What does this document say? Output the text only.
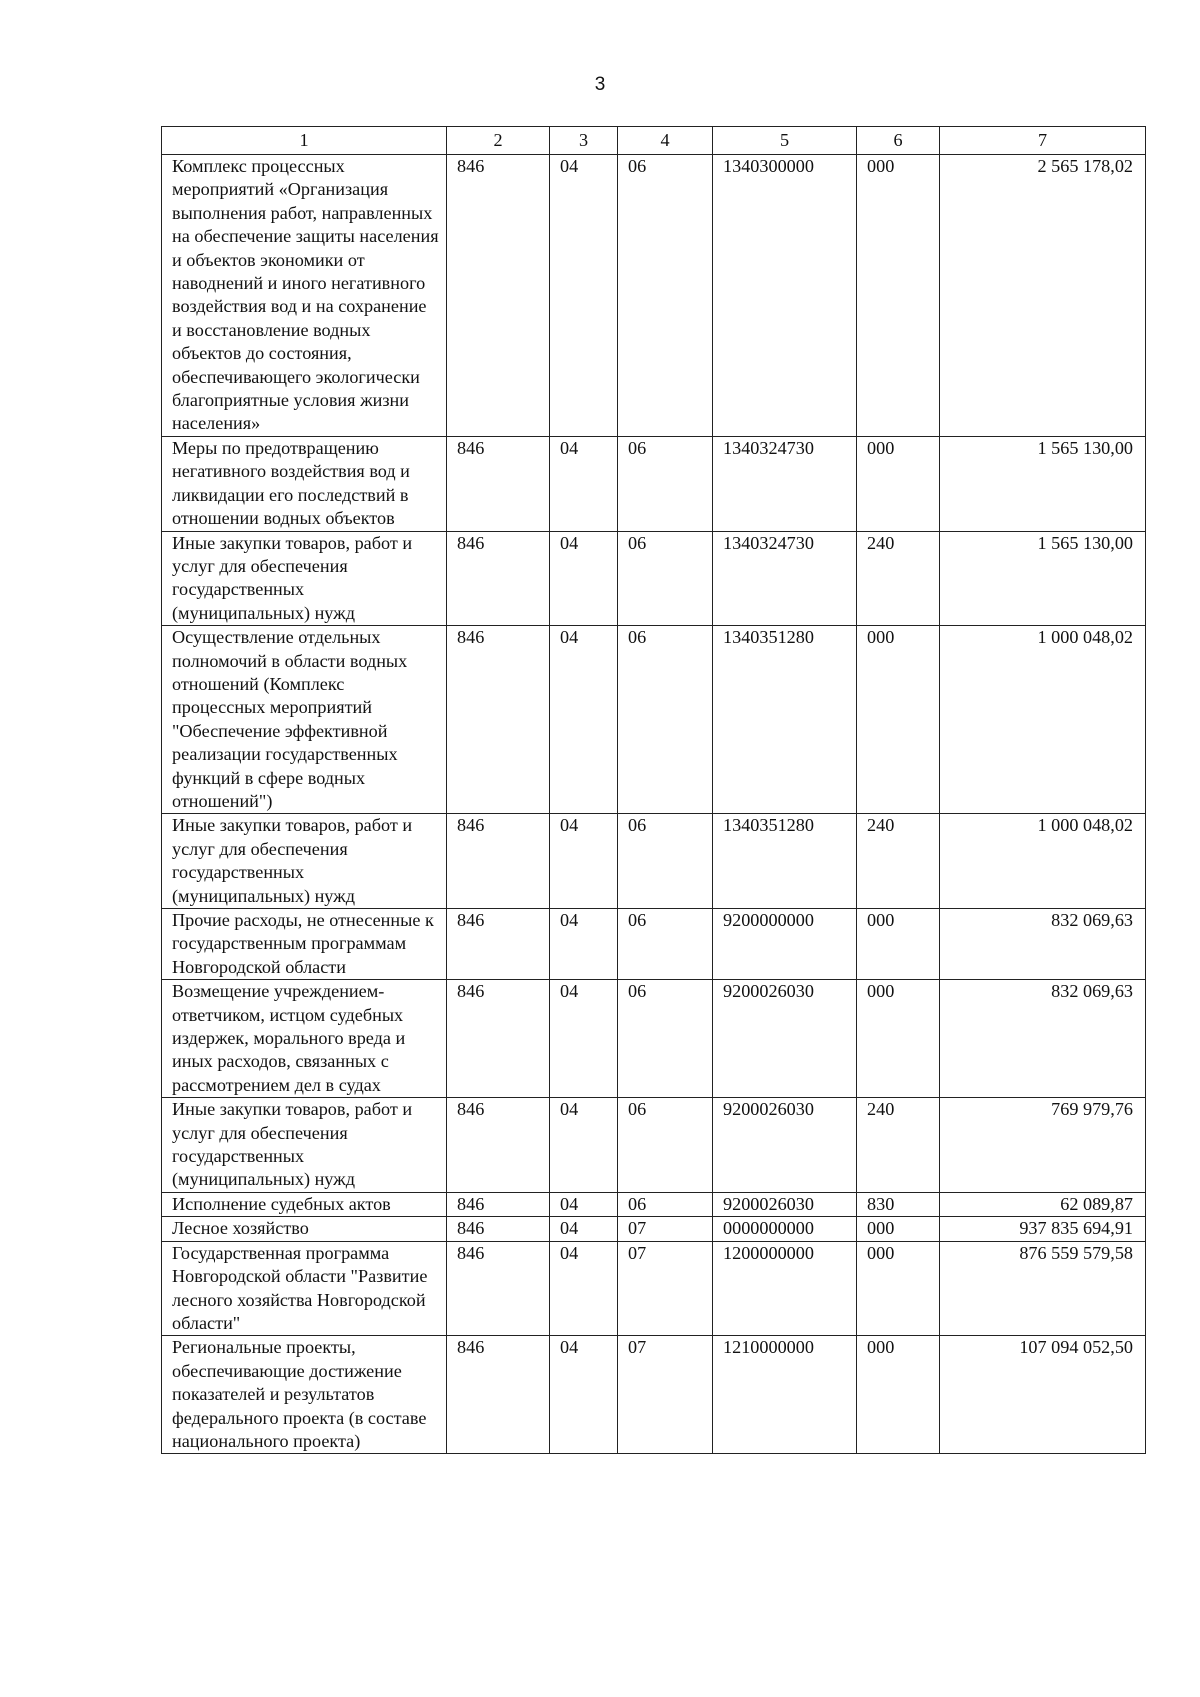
3
1	2	3	4	5	6	7
Комплекс процессных мероприятий «Организация выполнения работ, направленных на обеспечение защиты населения и объектов экономики от наводнений и иного негативного воздействия вод и на сохранение и восстановление водных объектов до состояния, обеспечивающего экологически благоприятные условия жизни населения»	846	04	06	1340300000	000	2 565 178,02
Меры по предотвращению негативного воздействия вод и ликвидации его последствий в отношении водных объектов	846	04	06	1340324730	000	1 565 130,00
Иные закупки товаров, работ и услуг для обеспечения государственных (муниципальных) нужд	846	04	06	1340324730	240	1 565 130,00
Осуществление отдельных полномочий в области водных отношений (Комплекс процессных мероприятий "Обеспечение эффективной реализации государственных функций в сфере водных отношений")	846	04	06	1340351280	000	1 000 048,02
Иные закупки товаров, работ и услуг для обеспечения государственных (муниципальных) нужд	846	04	06	1340351280	240	1 000 048,02
Прочие расходы, не отнесенные к государственным программам Новгородской области	846	04	06	9200000000	000	832 069,63
Возмещение учреждением-ответчиком, истцом судебных издержек, морального вреда и иных расходов, связанных с рассмотрением дел в судах	846	04	06	9200026030	000	832 069,63
Иные закупки товаров, работ и услуг для обеспечения государственных (муниципальных) нужд	846	04	06	9200026030	240	769 979,76
Исполнение судебных актов	846	04	06	9200026030	830	62 089,87
Лесное хозяйство	846	04	07	0000000000	000	937 835 694,91
Государственная программа Новгородской области "Развитие лесного хозяйства Новгородской области"	846	04	07	1200000000	000	876 559 579,58
Региональные проекты, обеспечивающие достижение показателей и результатов федерального проекта (в составе национального проекта)	846	04	07	1210000000	000	107 094 052,50
